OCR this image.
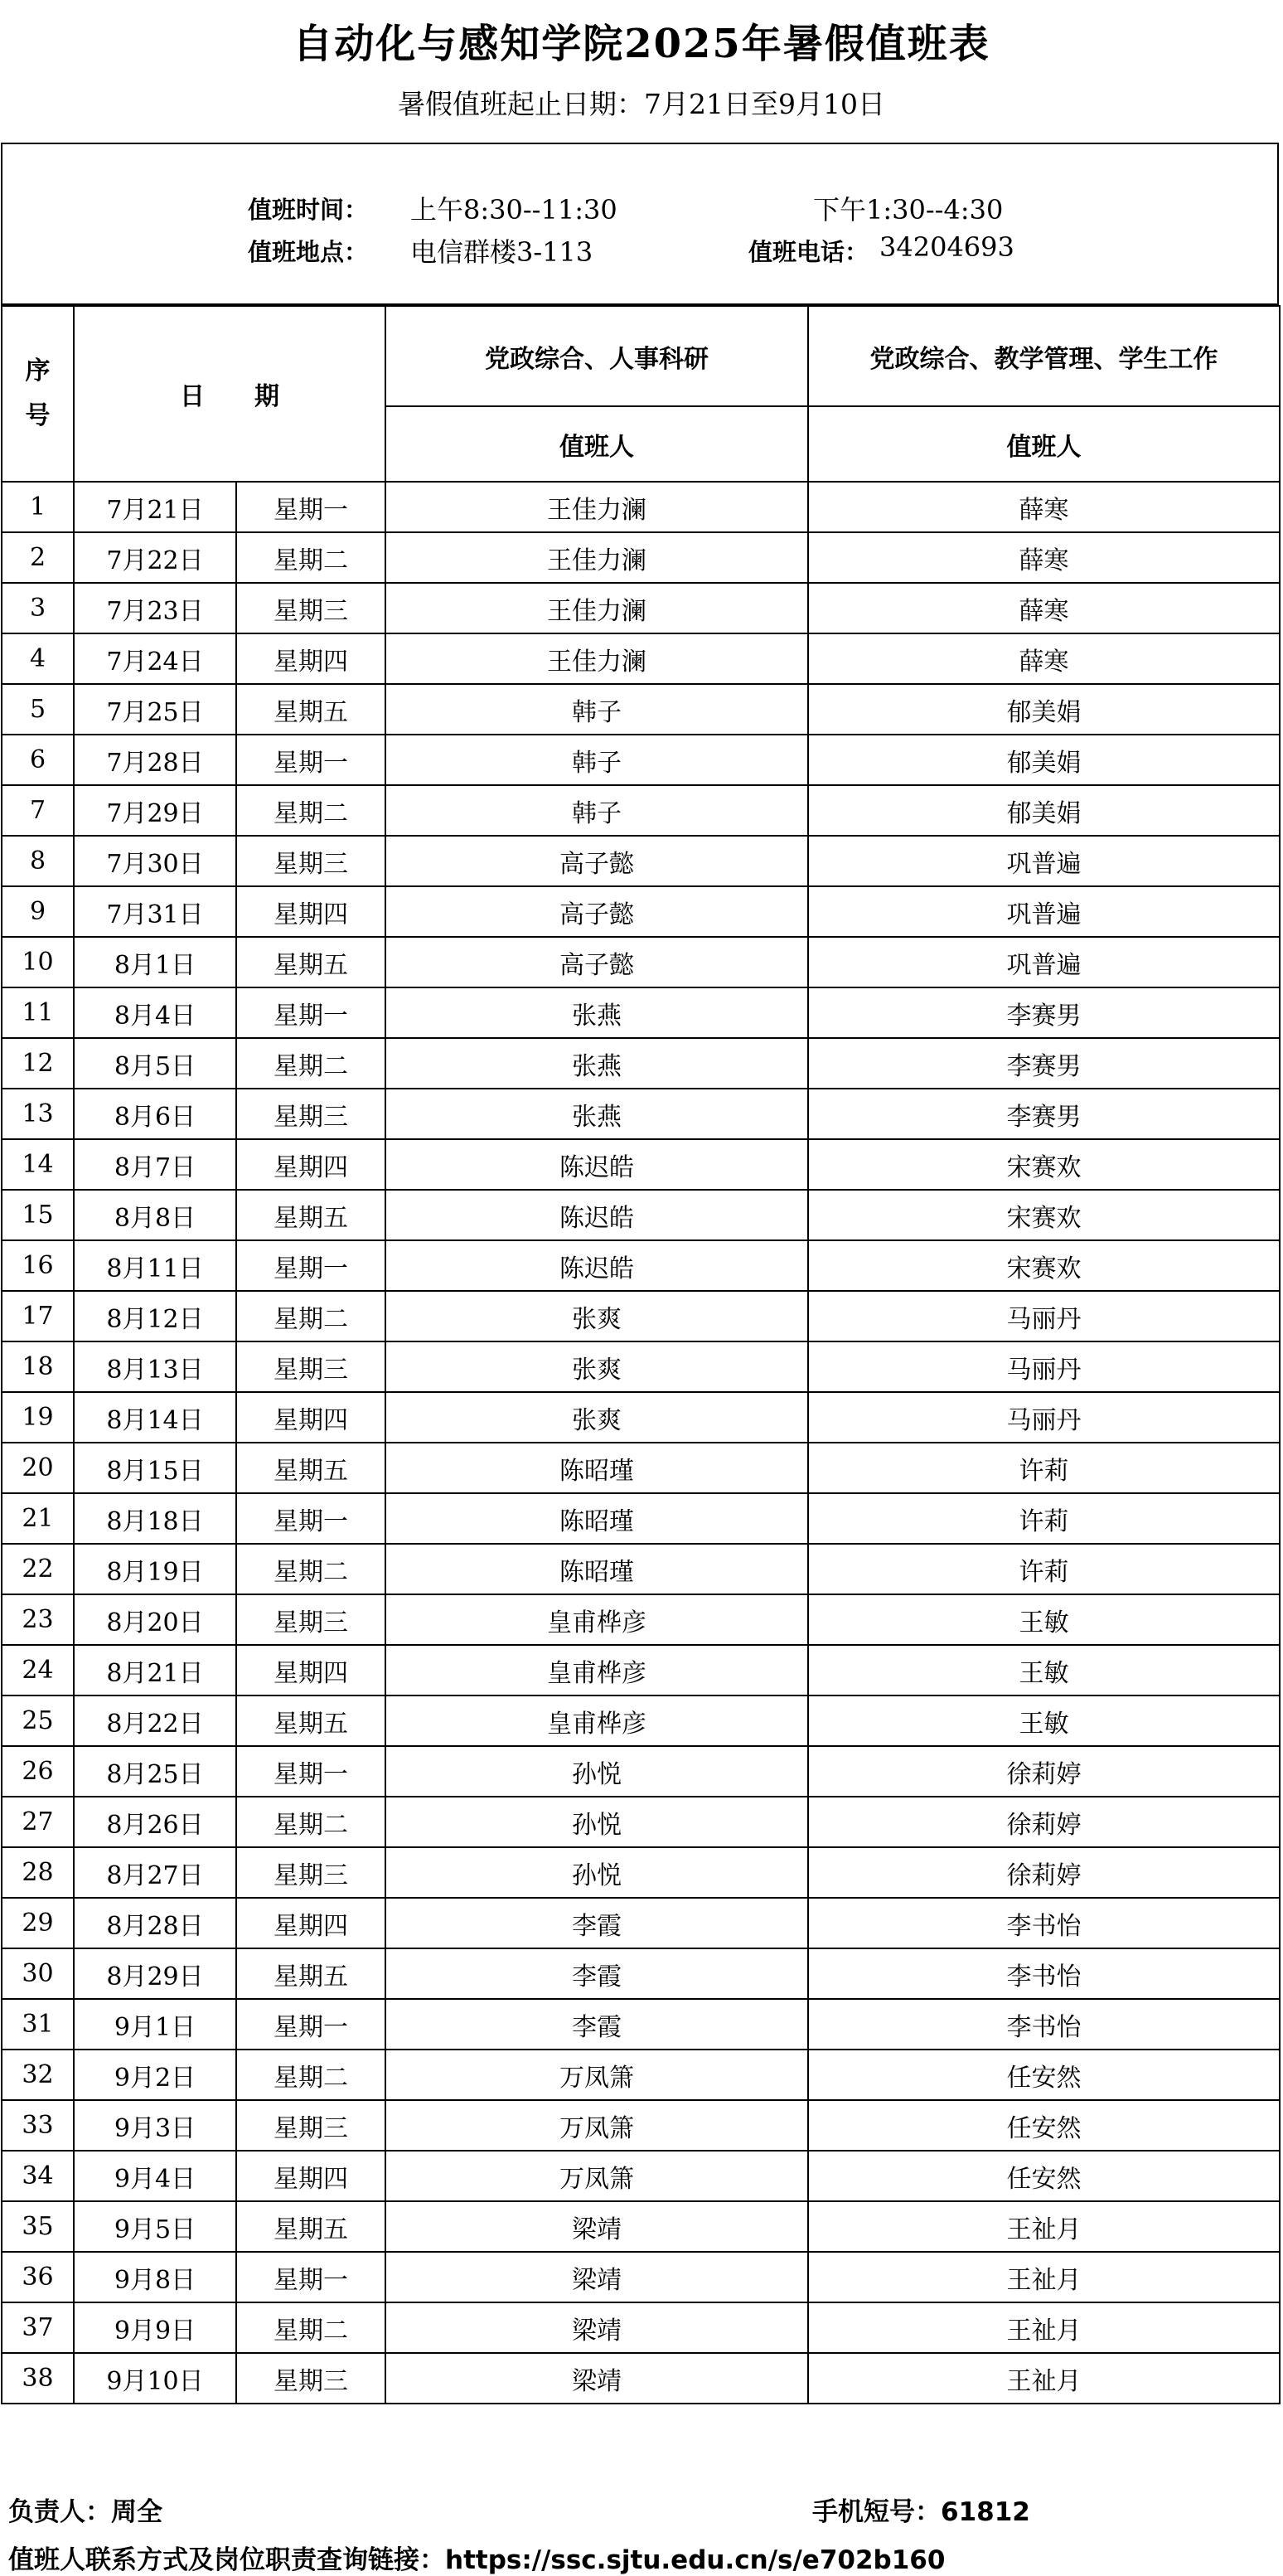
自动化与感知学院2025年暑假值班表
暑假值班起止日期：7月21日至9月10日
值班时间： 上午8:30--11:30	下午1:30--4:30
值班地点： 电信群楼3-113	值班电话： 34204693
序
号	日　　期		党政综合、人事科研	党政综合、教学管理、学生工作
			值班人	值班人
1	7月21日	星期一	王佳力澜	薛寒
2	7月22日	星期二	王佳力澜	薛寒
3	7月23日	星期三	王佳力澜	薛寒
4	7月24日	星期四	王佳力澜	薛寒
5	7月25日	星期五	韩子	郁美娟
6	7月28日	星期一	韩子	郁美娟
7	7月29日	星期二	韩子	郁美娟
8	7月30日	星期三	高子懿	巩普遍
9	7月31日	星期四	高子懿	巩普遍
10	8月1日	星期五	高子懿	巩普遍
11	8月4日	星期一	张燕	李赛男
12	8月5日	星期二	张燕	李赛男
13	8月6日	星期三	张燕	李赛男
14	8月7日	星期四	陈迟皓	宋赛欢
15	8月8日	星期五	陈迟皓	宋赛欢
16	8月11日	星期一	陈迟皓	宋赛欢
17	8月12日	星期二	张爽	马丽丹
18	8月13日	星期三	张爽	马丽丹
19	8月14日	星期四	张爽	马丽丹
20	8月15日	星期五	陈昭瑾	许莉
21	8月18日	星期一	陈昭瑾	许莉
22	8月19日	星期二	陈昭瑾	许莉
23	8月20日	星期三	皇甫桦彦	王敏
24	8月21日	星期四	皇甫桦彦	王敏
25	8月22日	星期五	皇甫桦彦	王敏
26	8月25日	星期一	孙悦	徐莉婷
27	8月26日	星期二	孙悦	徐莉婷
28	8月27日	星期三	孙悦	徐莉婷
29	8月28日	星期四	李霞	李书怡
30	8月29日	星期五	李霞	李书怡
31	9月1日	星期一	李霞	李书怡
32	9月2日	星期二	万凤箫	任安然
33	9月3日	星期三	万凤箫	任安然
34	9月4日	星期四	万凤箫	任安然
35	9月5日	星期五	梁靖	王祉月
36	9月8日	星期一	梁靖	王祉月
37	9月9日	星期二	梁靖	王祉月
38	9月10日	星期三	梁靖	王祉月
负责人：周全	手机短号：61812
值班人联系方式及岗位职责查询链接：https://ssc.sjtu.edu.cn/s/e702b160
